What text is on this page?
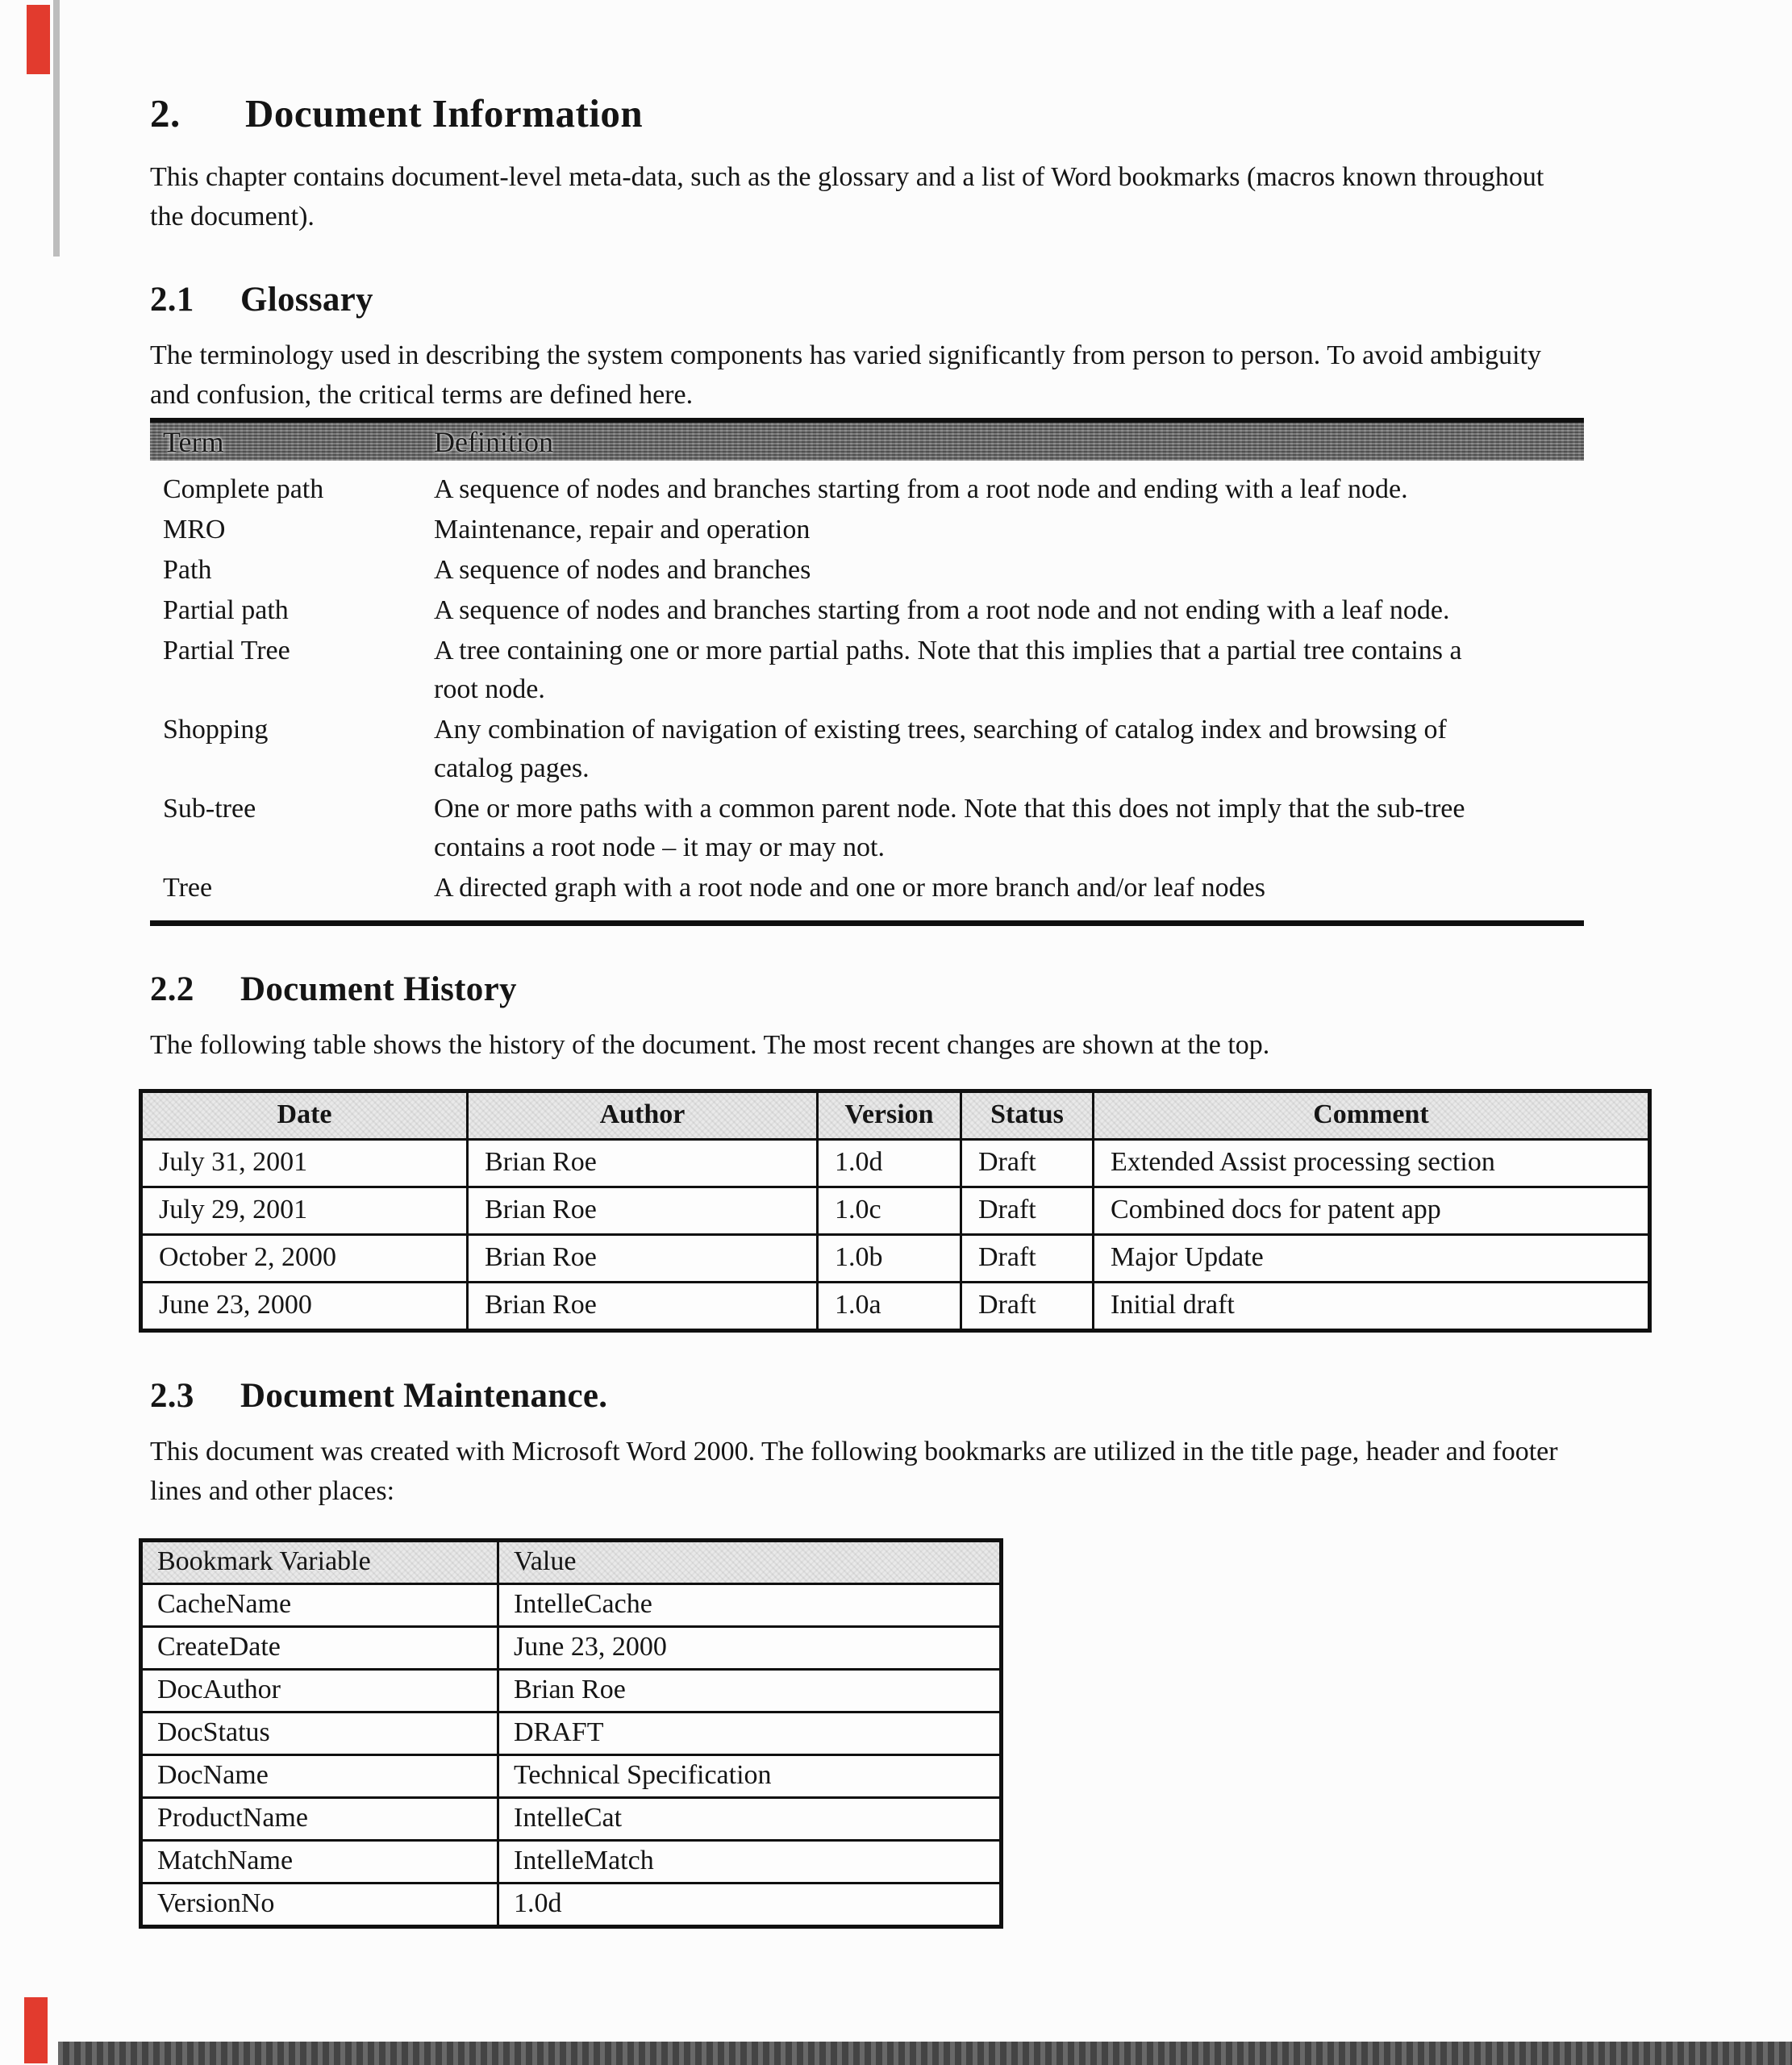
2. Document Information

This chapter contains document-level meta-data, such as the glossary and a list of Word bookmarks (macros known throughout the document).

2.1 Glossary

The terminology used in describing the system components has varied significantly from person to person. To avoid ambiguity and confusion, the critical terms are defined here.

Term	Definition
Complete path	A sequence of nodes and branches starting from a root node and ending with a leaf node.
MRO	Maintenance, repair and operation
Path	A sequence of nodes and branches
Partial path	A sequence of nodes and branches starting from a root node and not ending with a leaf node.
Partial Tree	A tree containing one or more partial paths. Note that this implies that a partial tree contains a root node.
Shopping	Any combination of navigation of existing trees, searching of catalog index and browsing of catalog pages.
Sub-tree	One or more paths with a common parent node. Note that this does not imply that the sub-tree contains a root node – it may or may not.
Tree	A directed graph with a root node and one or more branch and/or leaf nodes
2.2 Document History

The following table shows the history of the document. The most recent changes are shown at the top.

Date	Author	Version	Status	Comment
July 31, 2001	Brian Roe	1.0d	Draft	Extended Assist processing section
July 29, 2001	Brian Roe	1.0c	Draft	Combined docs for patent app
October 2, 2000	Brian Roe	1.0b	Draft	Major Update
June 23, 2000	Brian Roe	1.0a	Draft	Initial draft
2.3 Document Maintenance.

This document was created with Microsoft Word 2000. The following bookmarks are utilized in the title page, header and footer lines and other places:

Bookmark Variable	Value
CacheName	IntelleCache
CreateDate	June 23, 2000
DocAuthor	Brian Roe
DocStatus	DRAFT
DocName	Technical Specification
ProductName	IntelleCat
MatchName	IntelleMatch
VersionNo	1.0d
